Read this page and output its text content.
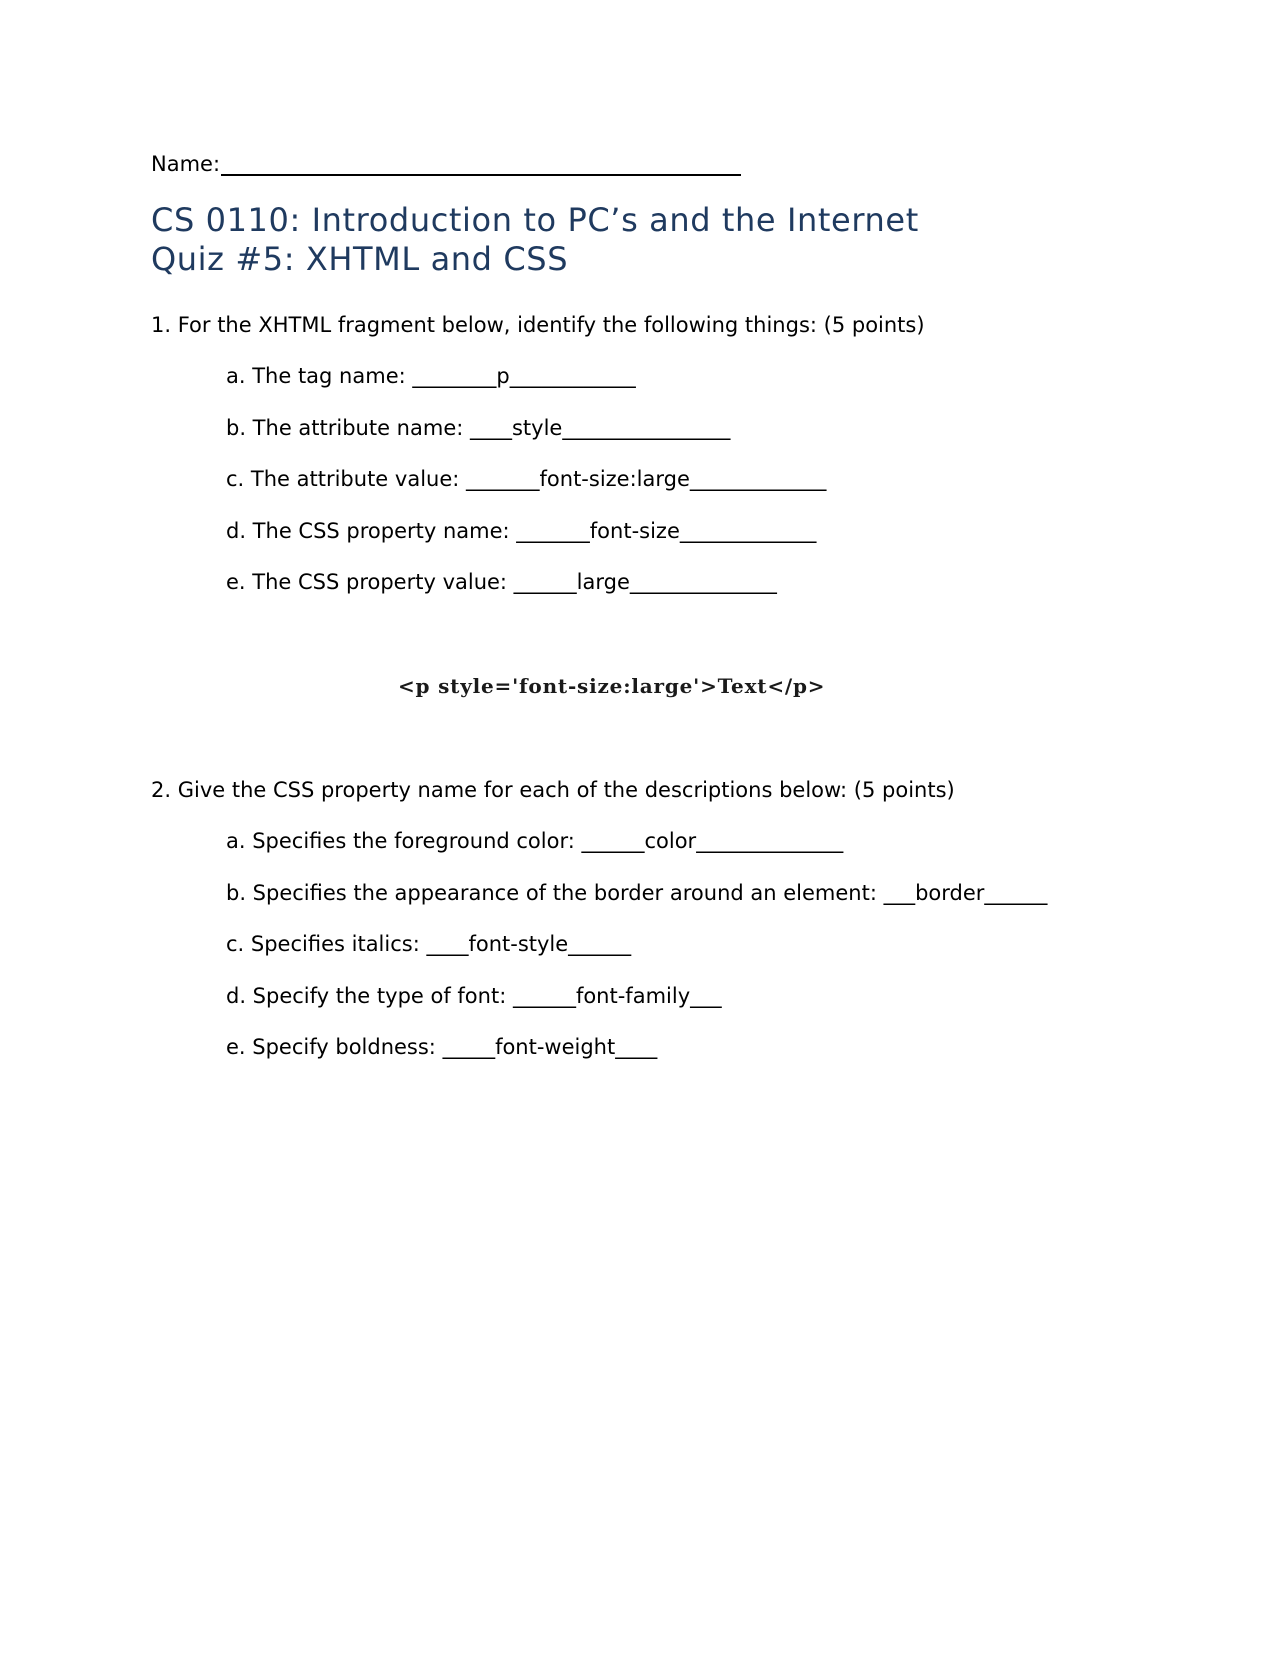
Name:
CS 0110: Introduction to PC’s and the Internet
Quiz #5: XHTML and CSS
1. For the XHTML fragment below, identify the following things: (5 points)
a. The tag name: ________p____________
b. The attribute name: ____style________________
c. The attribute value: _______font-size:large_____________
d. The CSS property name: _______font-size_____________
e. The CSS property value: ______large______________
<p style='font-size:large'>Text</p>
2. Give the CSS property name for each of the descriptions below: (5 points)
a. Specifies the foreground color: ______color______________
b. Specifies the appearance of the border around an element: ___border______
c. Specifies italics: ____font-style______
d. Specify the type of font: ______font-family___
e. Specify boldness: _____font-weight____
